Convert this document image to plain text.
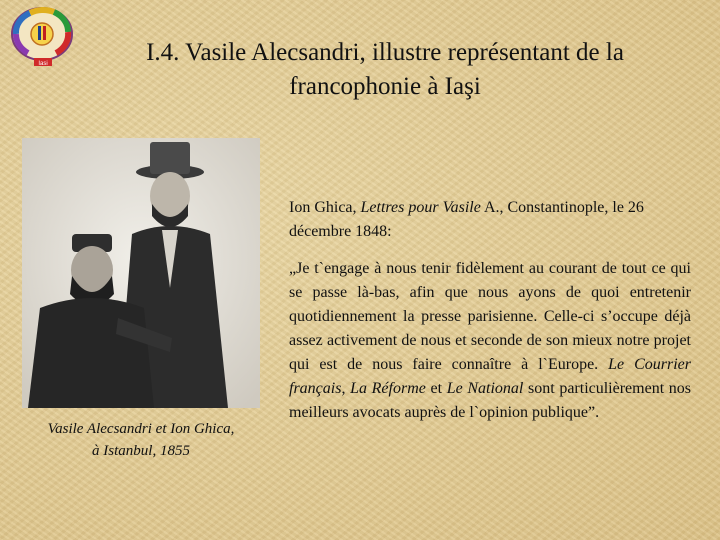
Iasi	I.4. Vasile Alecsandri, illustre représentant de la
francophonie à Iaşi
Vasile Alecsandri et Ion Ghica,
à Istanbul, 1855
Ion Ghica, Lettres pour Vasile A., Constantinople, le 26 décembre 1848:
„Je t`engage à nous tenir fidèlement au courant de tout ce qui se passe là-bas, afin que nous ayons de quoi entretenir quotidiennement la presse parisienne. Celle-ci s’occupe déjà assez activement de nous et seconde de son mieux notre projet qui est de nous faire connaître à l`Europe. Le Courrier français, La Réforme et Le National sont particulièrement nos meilleurs avocats auprès de l`opinion publique”.
